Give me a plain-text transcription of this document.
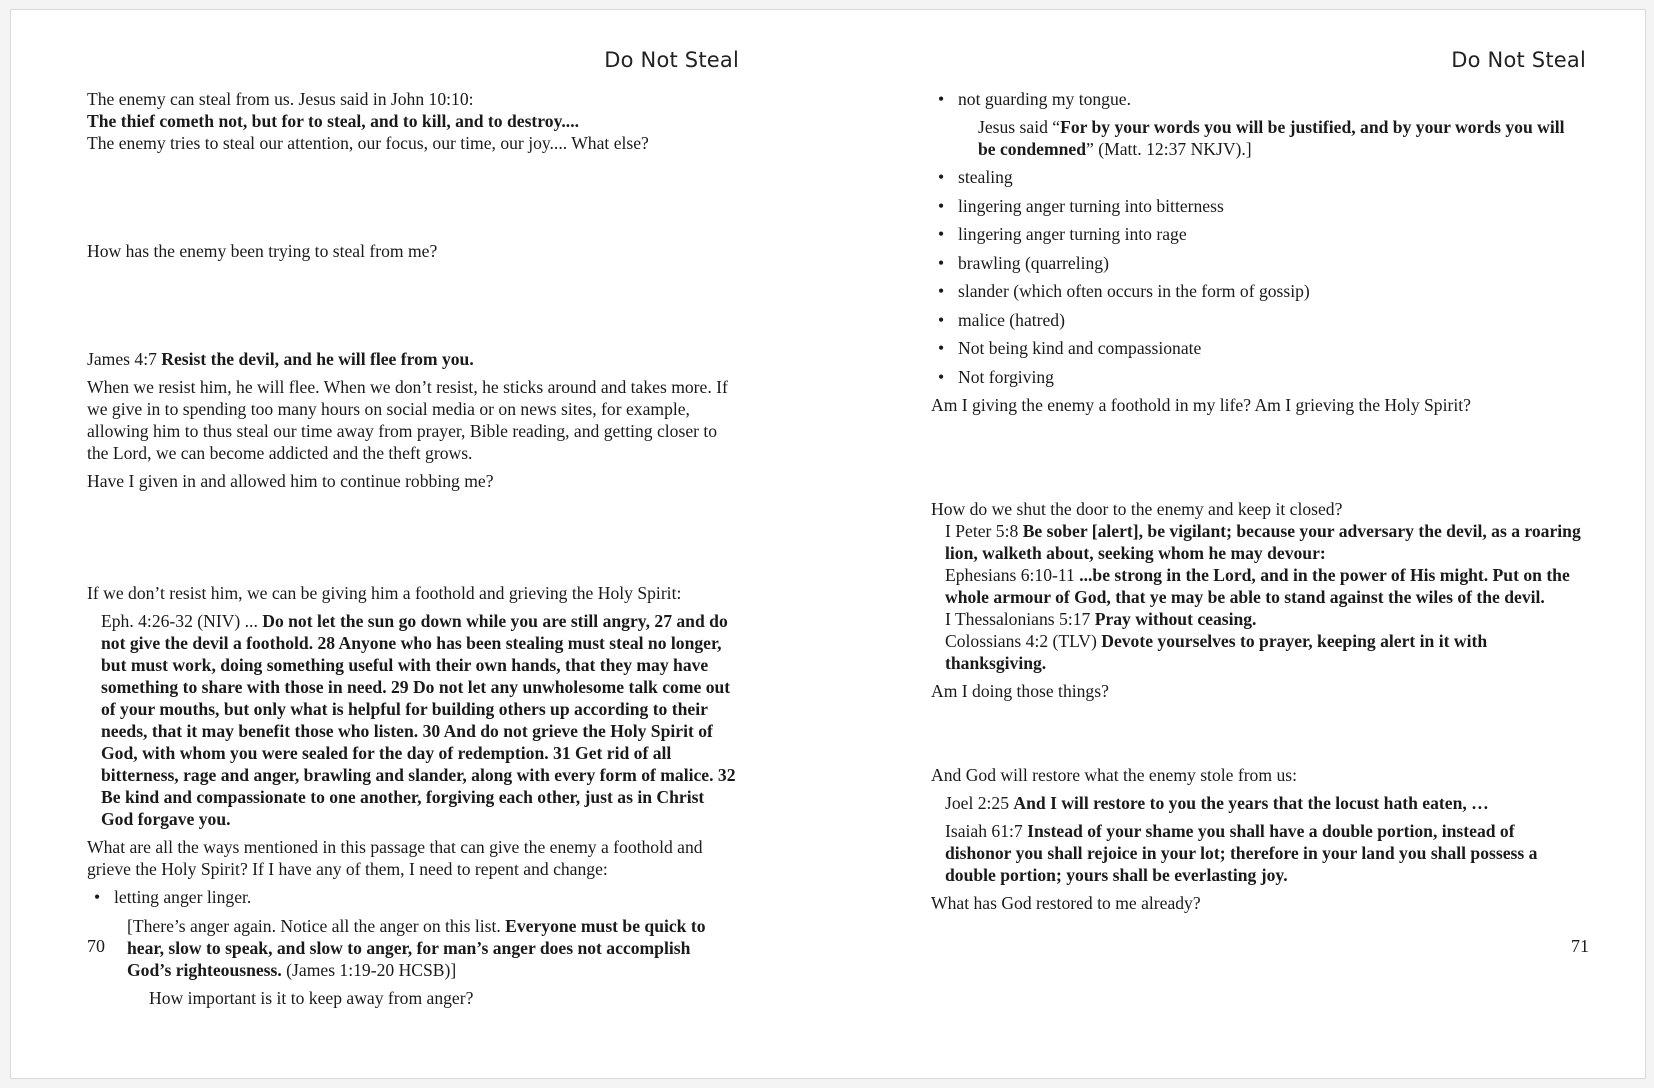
Do Not Steal

The enemy can steal from us. Jesus said in John 10:10:

The thief cometh not, but for to steal, and to kill, and to destroy....

The enemy tries to steal our attention, our focus, our time, our joy.... What else?

How has the enemy been trying to steal from me?

James 4:7 Resist the devil, and he will flee from you.

When we resist him, he will flee. When we don’t resist, he sticks around and takes more. If we give in to spending too many hours on social media or on news sites, for example, allowing him to thus steal our time away from prayer, Bible reading, and getting closer to the Lord, we can become addicted and the theft grows.

Have I given in and allowed him to continue robbing me?

If we don’t resist him, we can be giving him a foothold and grieving the Holy Spirit:

Eph. 4:26-32 (NIV) ... Do not let the sun go down while you are still angry, 27 and do not give the devil a foothold. 28 Anyone who has been stealing must steal no longer, but must work, doing something useful with their own hands, that they may have something to share with those in need. 29 Do not let any unwholesome talk come out of your mouths, but only what is helpful for building others up according to their needs, that it may benefit those who listen. 30 And do not grieve the Holy Spirit of God, with whom you were sealed for the day of redemption. 31 Get rid of all bitterness, rage and anger, brawling and slander, along with every form of malice. 32 Be kind and compassionate to one another, forgiving each other, just as in Christ God forgave you.

What are all the ways mentioned in this passage that can give the enemy a foothold and grieve the Holy Spirit? If I have any of them, I need to repent and change:

• letting anger linger.

[There’s anger again. Notice all the anger on this list. Everyone must be quick to hear, slow to speak, and slow to anger, for man’s anger does not accomplish God’s righteousness. (James 1:19-20 HCSB)]

How important is it to keep away from anger?

70
Do Not Steal
• not guarding my tongue.

Jesus said “For by your words you will be justified, and by your words you will be condemned” (Matt. 12:37 NKJV).]

• stealing
• lingering anger turning into bitterness
• lingering anger turning into rage
• brawling (quarreling)
• slander (which often occurs in the form of gossip)
• malice (hatred)
• Not being kind and compassionate
• Not forgiving

Am I giving the enemy a foothold in my life? Am I grieving the Holy Spirit?

How do we shut the door to the enemy and keep it closed?

I Peter 5:8 Be sober [alert], be vigilant; because your adversary the devil, as a roaring lion, walketh about, seeking whom he may devour:

Ephesians 6:10-11 ...be strong in the Lord, and in the power of His might. Put on the whole armour of God, that ye may be able to stand against the wiles of the devil.

I Thessalonians 5:17 Pray without ceasing.

Colossians 4:2 (TLV) Devote yourselves to prayer, keeping alert in it with thanksgiving.

Am I doing those things?

And God will restore what the enemy stole from us:

Joel 2:25 And I will restore to you the years that the locust hath eaten, …

Isaiah 61:7 Instead of your shame you shall have a double portion, instead of dishonor you shall rejoice in your lot; therefore in your land you shall possess a double portion; yours shall be everlasting joy.

What has God restored to me already?

71
